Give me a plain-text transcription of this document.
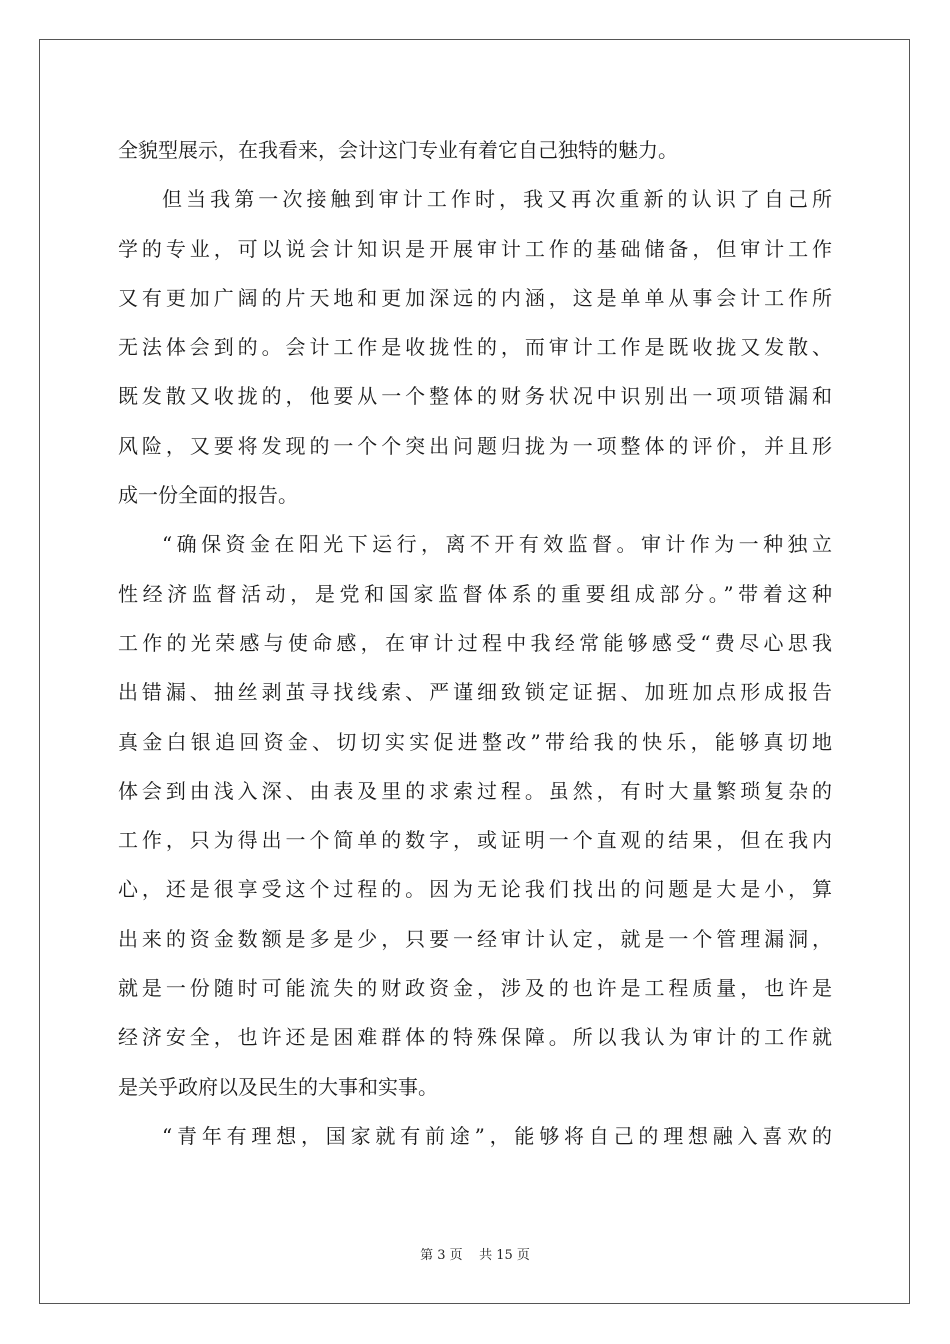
全貌型展示，在我看来，会计这门专业有着它自己独特的魅力。
但当我第一次接触到审计工作时，我又再次重新的认识了自己所
学的专业，可以说会计知识是开展审计工作的基础储备，但审计工作
又有更加广阔的片天地和更加深远的内涵，这是单单从事会计工作所
无法体会到的。会计工作是收拢性的，而审计工作是既收拢又发散、
既发散又收拢的，他要从一个整体的财务状况中识别出一项项错漏和
风险，又要将发现的一个个突出问题归拢为一项整体的评价，并且形
成一份全面的报告。
“确保资金在阳光下运行，离不开有效监督。审计作为一种独立
性经济监督活动，是党和国家监督体系的重要组成部分。”带着这种
工作的光荣感与使命感，在审计过程中我经常能够感受“费尽心思我
出错漏、抽丝剥茧寻找线索、严谨细致锁定证据、加班加点形成报告
真金白银追回资金、切切实实促进整改”带给我的快乐，能够真切地
体会到由浅入深、由表及里的求索过程。虽然，有时大量繁琐复杂的
工作，只为得出一个简单的数字，或证明一个直观的结果，但在我内
心，还是很享受这个过程的。因为无论我们找出的问题是大是小，算
出来的资金数额是多是少，只要一经审计认定，就是一个管理漏洞，
就是一份随时可能流失的财政资金，涉及的也许是工程质量，也许是
经济安全，也许还是困难群体的特殊保障。所以我认为审计的工作就
是关乎政府以及民生的大事和实事。
“青年有理想，国家就有前途”，能够将自己的理想融入喜欢的
第 3 页    共 15 页
